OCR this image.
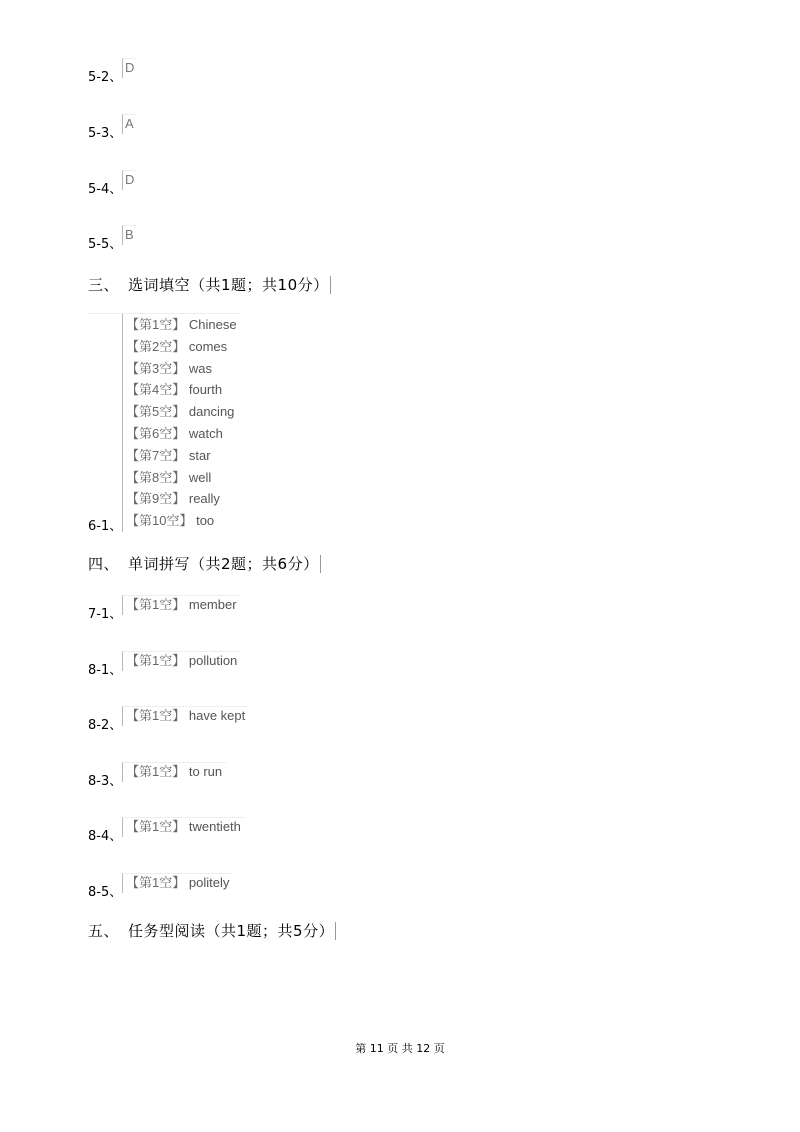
5-2、
D
5-3、
A
5-4、
D
5-5、
B
三、 选词填空（共1题；共10分）
6-1、
【第1空】 Chinese
【第2空】 comes
【第3空】 was
【第4空】 fourth
【第5空】 dancing
【第6空】 watch
【第7空】 star
【第8空】 well
【第9空】 really
【第10空】 too
四、 单词拼写（共2题；共6分）
7-1、
【第1空】 member
8-1、
【第1空】 pollution
8-2、
【第1空】 have kept
8-3、
【第1空】 to run
8-4、
【第1空】 twentieth
8-5、
【第1空】 politely
五、 任务型阅读（共1题；共5分）
第 11 页 共 12 页
